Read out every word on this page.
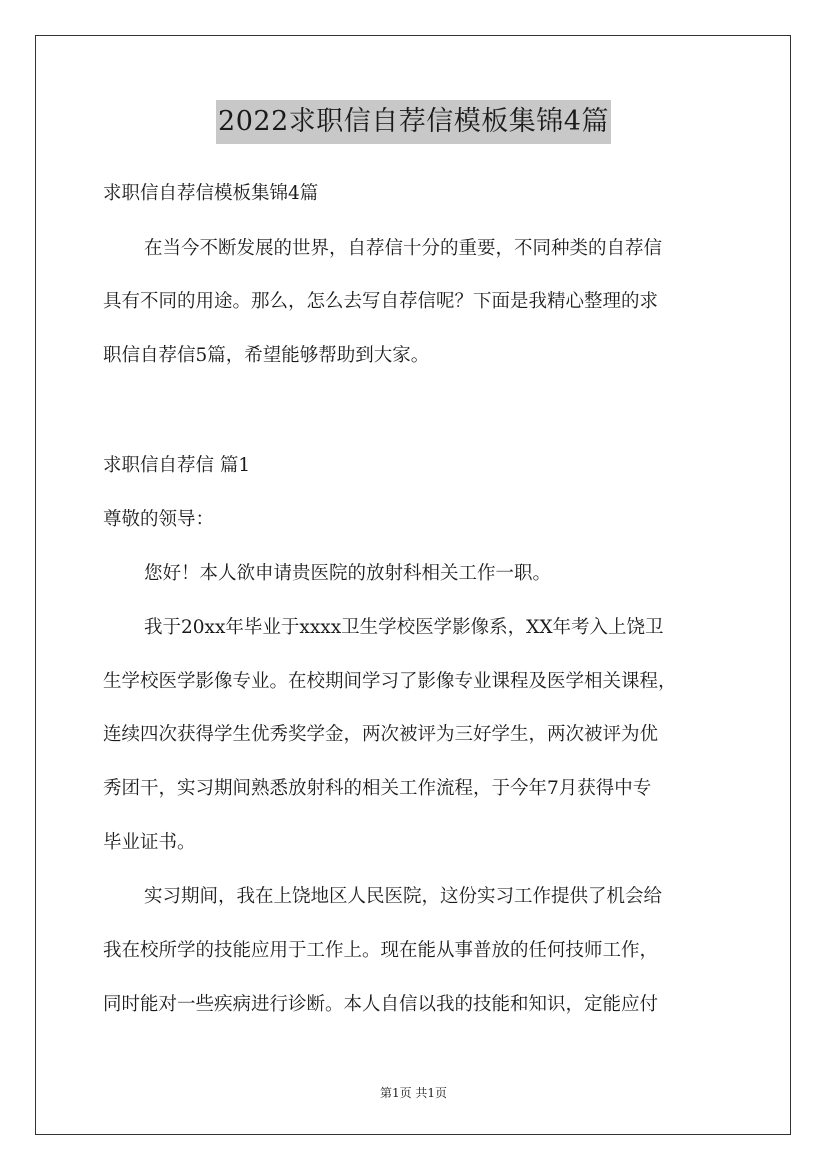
2022求职信自荐信模板集锦4篇
求职信自荐信模板集锦4篇
在当今不断发展的世界，自荐信十分的重要，不同种类的自荐信
具有不同的用途。那么，怎么去写自荐信呢？下面是我精心整理的求
职信自荐信5篇，希望能够帮助到大家。
求职信自荐信 篇1
尊敬的领导：
您好！本人欲申请贵医院的放射科相关工作一职。
我于20xx年毕业于xxxx卫生学校医学影像系，XX年考入上饶卫
生学校医学影像专业。在校期间学习了影像专业课程及医学相关课程，
连续四次获得学生优秀奖学金，两次被评为三好学生，两次被评为优
秀团干，实习期间熟悉放射科的相关工作流程，于今年7月获得中专
毕业证书。
实习期间，我在上饶地区人民医院，这份实习工作提供了机会给
我在校所学的技能应用于工作上。现在能从事普放的任何技师工作，
同时能对一些疾病进行诊断。本人自信以我的技能和知识，定能应付
第1页 共1页
